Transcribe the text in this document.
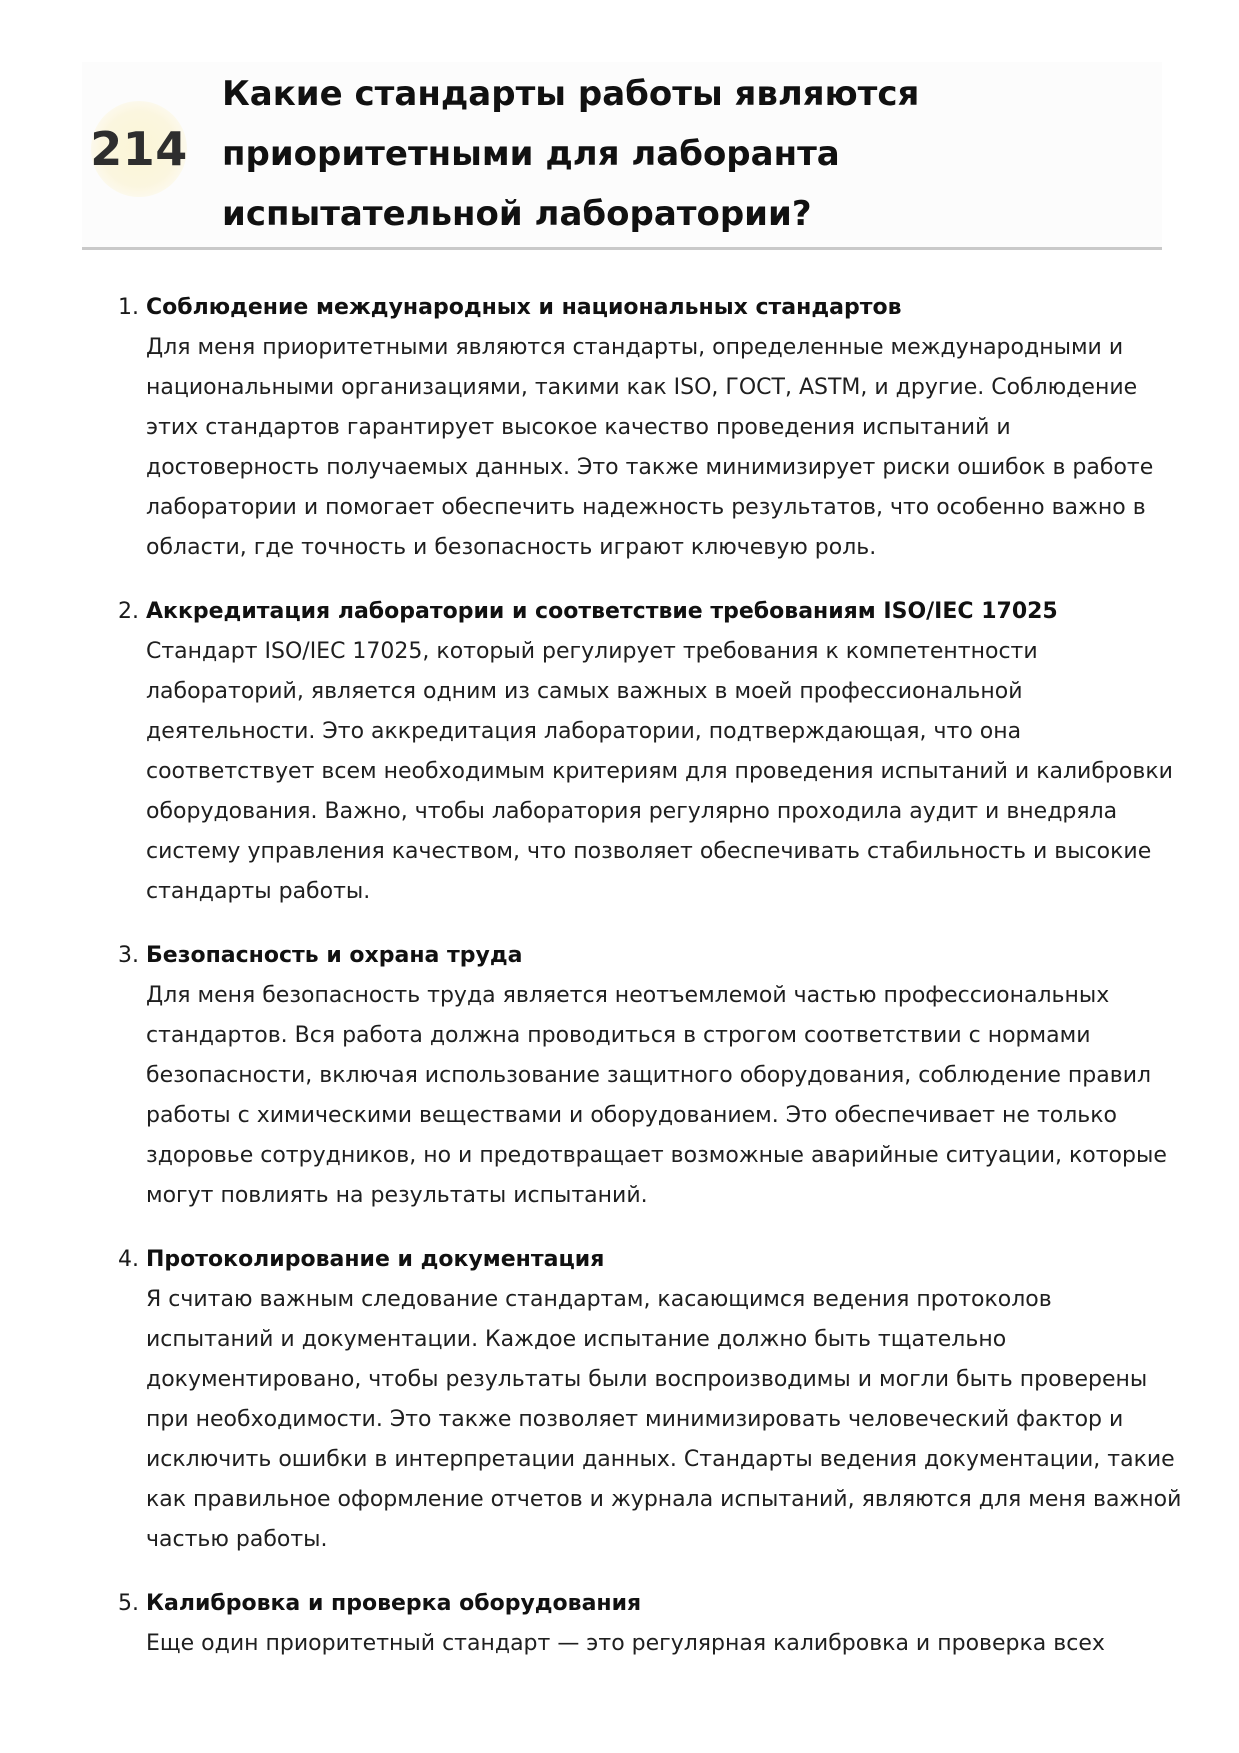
214
Какие стандарты работы являются приоритетными для лаборанта испытательной лаборатории?
1. Соблюдение международных и национальных стандартов
Для меня приоритетными являются стандарты, определенные международными и национальными организациями, такими как ISO, ГОСТ, ASTM, и другие. Соблюдение этих стандартов гарантирует высокое качество проведения испытаний и достоверность получаемых данных. Это также минимизирует риски ошибок в работе лаборатории и помогает обеспечить надежность результатов, что особенно важно в области, где точность и безопасность играют ключевую роль.
2. Аккредитация лаборатории и соответствие требованиям ISO/IEC 17025
Стандарт ISO/IEC 17025, который регулирует требования к компетентности лабораторий, является одним из самых важных в моей профессиональной деятельности. Это аккредитация лаборатории, подтверждающая, что она соответствует всем необходимым критериям для проведения испытаний и калибровки оборудования. Важно, чтобы лаборатория регулярно проходила аудит и внедряла систему управления качеством, что позволяет обеспечивать стабильность и высокие стандарты работы.
3. Безопасность и охрана труда
Для меня безопасность труда является неотъемлемой частью профессиональных стандартов. Вся работа должна проводиться в строгом соответствии с нормами безопасности, включая использование защитного оборудования, соблюдение правил работы с химическими веществами и оборудованием. Это обеспечивает не только здоровье сотрудников, но и предотвращает возможные аварийные ситуации, которые могут повлиять на результаты испытаний.
4. Протоколирование и документация
Я считаю важным следование стандартам, касающимся ведения протоколов испытаний и документации. Каждое испытание должно быть тщательно документировано, чтобы результаты были воспроизводимы и могли быть проверены при необходимости. Это также позволяет минимизировать человеческий фактор и исключить ошибки в интерпретации данных. Стандарты ведения документации, такие как правильное оформление отчетов и журнала испытаний, являются для меня важной частью работы.
5. Калибровка и проверка оборудования
Еще один приоритетный стандарт — это регулярная калибровка и проверка всех
